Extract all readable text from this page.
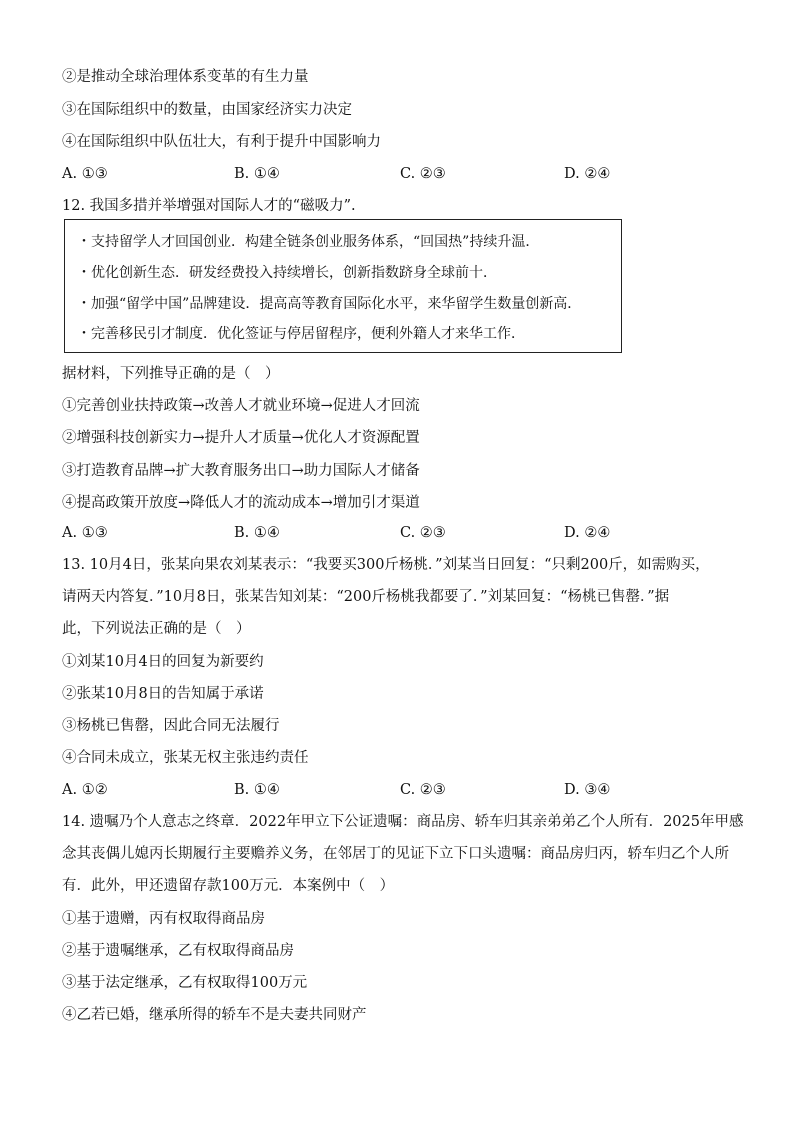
②是推动全球治理体系变革的有生力量
③在国际组织中的数量，由国家经济实力决定
④在国际组织中队伍壮大，有利于提升中国影响力
A. ①③	B. ①④	C. ②③	D. ②④
12. 我国多措并举增强对国际人才的“磁吸力”.
・支持留学人才回国创业．构建全链条创业服务体系，“回国热”持续升温．
・优化创新生态．研发经费投入持续增长，创新指数跻身全球前十．
・加强“留学中国”品牌建设．提高高等教育国际化水平，来华留学生数量创新高．
・完善移民引才制度．优化签证与停居留程序，便利外籍人才来华工作．
据材料，下列推导正确的是（　）
①完善创业扶持政策→改善人才就业环境→促进人才回流
②增强科技创新实力→提升人才质量→优化人才资源配置
③打造教育品牌→扩大教育服务出口→助力国际人才储备
④提高政策开放度→降低人才的流动成本→增加引才渠道
A. ①③	B. ①④	C. ②③	D. ②④
13. 10月4日，张某向果农刘某表示：“我要买300斤杨桃．”刘某当日回复：“只剩200斤，如需购买，
请两天内答复．”10月8日，张某告知刘某：“200斤杨桃我都要了．”刘某回复：“杨桃已售罄．”据
此，下列说法正确的是（　）
①刘某10月4日的回复为新要约
②张某10月8日的告知属于承诺
③杨桃已售罄，因此合同无法履行
④合同未成立，张某无权主张违约责任
A. ①②	B. ①④	C. ②③	D. ③④
14. 遗嘱乃个人意志之终章．2022年甲立下公证遗嘱：商品房、轿车归其亲弟弟乙个人所有．2025年甲感
念其丧偶儿媳丙长期履行主要赡养义务，在邻居丁的见证下立下口头遗嘱：商品房归丙，轿车归乙个人所
有．此外，甲还遗留存款100万元．本案例中（　）
①基于遗赠，丙有权取得商品房
②基于遗嘱继承，乙有权取得商品房
③基于法定继承，乙有权取得100万元
④乙若已婚，继承所得的轿车不是夫妻共同财产
